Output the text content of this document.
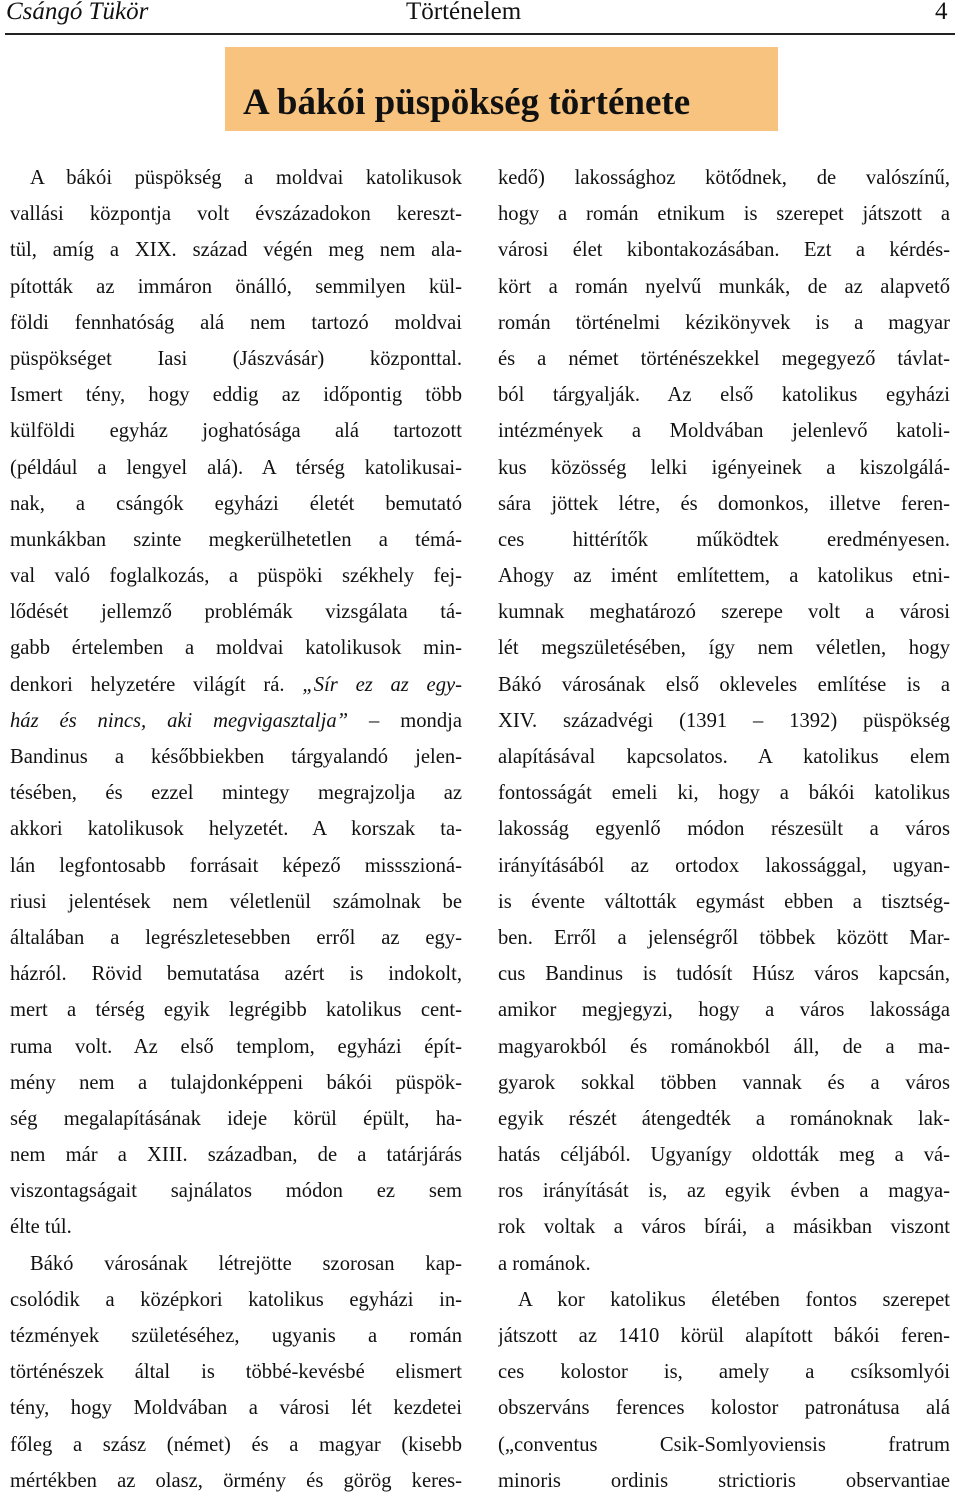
Csángó Tükör	Történelem	4
A bákói püspökség története
A bákói püspökség a moldvai katolikusok
vallási központja volt évszázadokon kereszt-
tül, amíg a XIX. század végén meg nem ala-
pították az immáron önálló, semmilyen kül-
földi fennhatóság alá nem tartozó moldvai
püspökséget Iasi (Jászvásár) központtal.
Ismert tény, hogy eddig az időpontig több
külföldi egyház joghatósága alá tartozott
(például a lengyel alá). A térség katolikusai-
nak, a csángók egyházi életét bemutató
munkákban szinte megkerülhetetlen a témá-
val való foglalkozás, a püspöki székhely fej-
lődését jellemző problémák vizsgálata tá-
gabb értelemben a moldvai katolikusok min-
denkori helyzetére világít rá. „Sír ez az egy-
ház és nincs, aki megvigasztalja” – mondja
Bandinus a későbbiekben tárgyalandó jelen-
tésében, és ezzel mintegy megrajzolja az
akkori katolikusok helyzetét. A korszak ta-
lán legfontosabb forrásait képező missszioná-
riusi jelentések nem véletlenül számolnak be
általában a legrészletesebben erről az egy-
házról. Rövid bemutatása azért is indokolt,
mert a térség egyik legrégibb katolikus cent-
ruma volt. Az első templom, egyházi épít-
mény nem a tulajdonképpeni bákói püspök-
ség megalapításának ideje körül épült, ha-
nem már a XIII. században, de a tatárjárás
viszontagságait sajnálatos módon ez sem
élte túl.
Bákó városának létrejötte szorosan kap-
csolódik a középkori katolikus egyházi in-
tézmények születéséhez, ugyanis a román
történészek által is többé-kevésbé elismert
tény, hogy Moldvában a városi lét kezdetei
főleg a szász (német) és a magyar (kisebb
mértékben az olasz, örmény és görög keres-
kedő) lakossághoz kötődnek, de valószínű,
hogy a román etnikum is szerepet játszott a
városi élet kibontakozásában. Ezt a kérdés-
kört a román nyelvű munkák, de az alapvető
román történelmi kézikönyvek is a magyar
és a német történészekkel megegyező távlat-
ból tárgyalják. Az első katolikus egyházi
intézmények a Moldvában jelenlevő katoli-
kus közösség lelki igényeinek a kiszolgálá-
sára jöttek létre, és domonkos, illetve feren-
ces hittérítők működtek eredményesen.
Ahogy az imént említettem, a katolikus etni-
kumnak meghatározó szerepe volt a városi
lét megszületésében, így nem véletlen, hogy
Bákó városának első okleveles említése is a
XIV. századvégi (1391 – 1392) püspökség
alapításával kapcsolatos. A katolikus elem
fontosságát emeli ki, hogy a bákói katolikus
lakosság egyenlő módon részesült a város
irányításából az ortodox lakossággal, ugyan-
is évente váltották egymást ebben a tisztség-
ben. Erről a jelenségről többek között Mar-
cus Bandinus is tudósít Húsz város kapcsán,
amikor megjegyzi, hogy a város lakossága
magyarokból és románokból áll, de a ma-
gyarok sokkal többen vannak és a város
egyik részét átengedték a románoknak lak-
hatás céljából. Ugyanígy oldották meg a vá-
ros irányítását is, az egyik évben a magya-
rok voltak a város bírái, a másikban viszont
a románok.
A kor katolikus életében fontos szerepet
játszott az 1410 körül alapított bákói feren-
ces kolostor is, amely a csíksomlyói
obszerváns ferences kolostor patronátusa alá
(„conventus Csik-Somlyoviensis fratrum
minoris ordinis strictioris observantiae
